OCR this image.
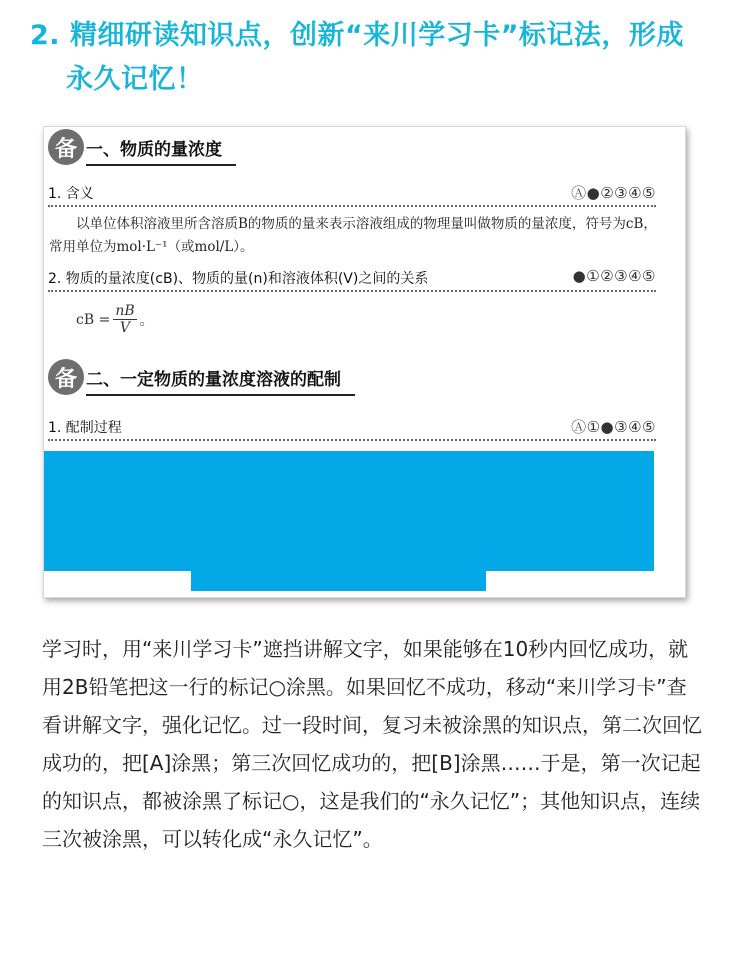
2. 精细研读知识点，创新“来川学习卡”标记法，形成
永久记忆！
备 一、物质的量浓度
1. 含义	Ⓐ●②③④⑤
以单位体积溶液里所含溶质B的物质的量来表示溶液组成的物理量叫做物质的量浓度，符号为cB，常用单位为mol·L⁻¹（或mol/L）。
2. 物质的量浓度(cB)、物质的量(n)和溶液体积(V)之间的关系	●①②③④⑤
cB = $\frac{nB}{V}$ 。
备 二、一定物质的量浓度溶液的配制
1. 配制过程	Ⓐ①●③④⑤
学习时，用“来川学习卡”遮挡讲解文字，如果能够在10秒内回忆成功，就用2B铅笔把这一行的标记○涂黑。如果回忆不成功，移动“来川学习卡”查看讲解文字，强化记忆。过一段时间，复习未被涂黑的知识点，第二次回忆成功的，把[A]涂黑；第三次回忆成功的，把[B]涂黑……于是，第一次记起的知识点，都被涂黑了标记○，这是我们的“永久记忆”；其他知识点，连续三次被涂黑，可以转化成“永久记忆”。
